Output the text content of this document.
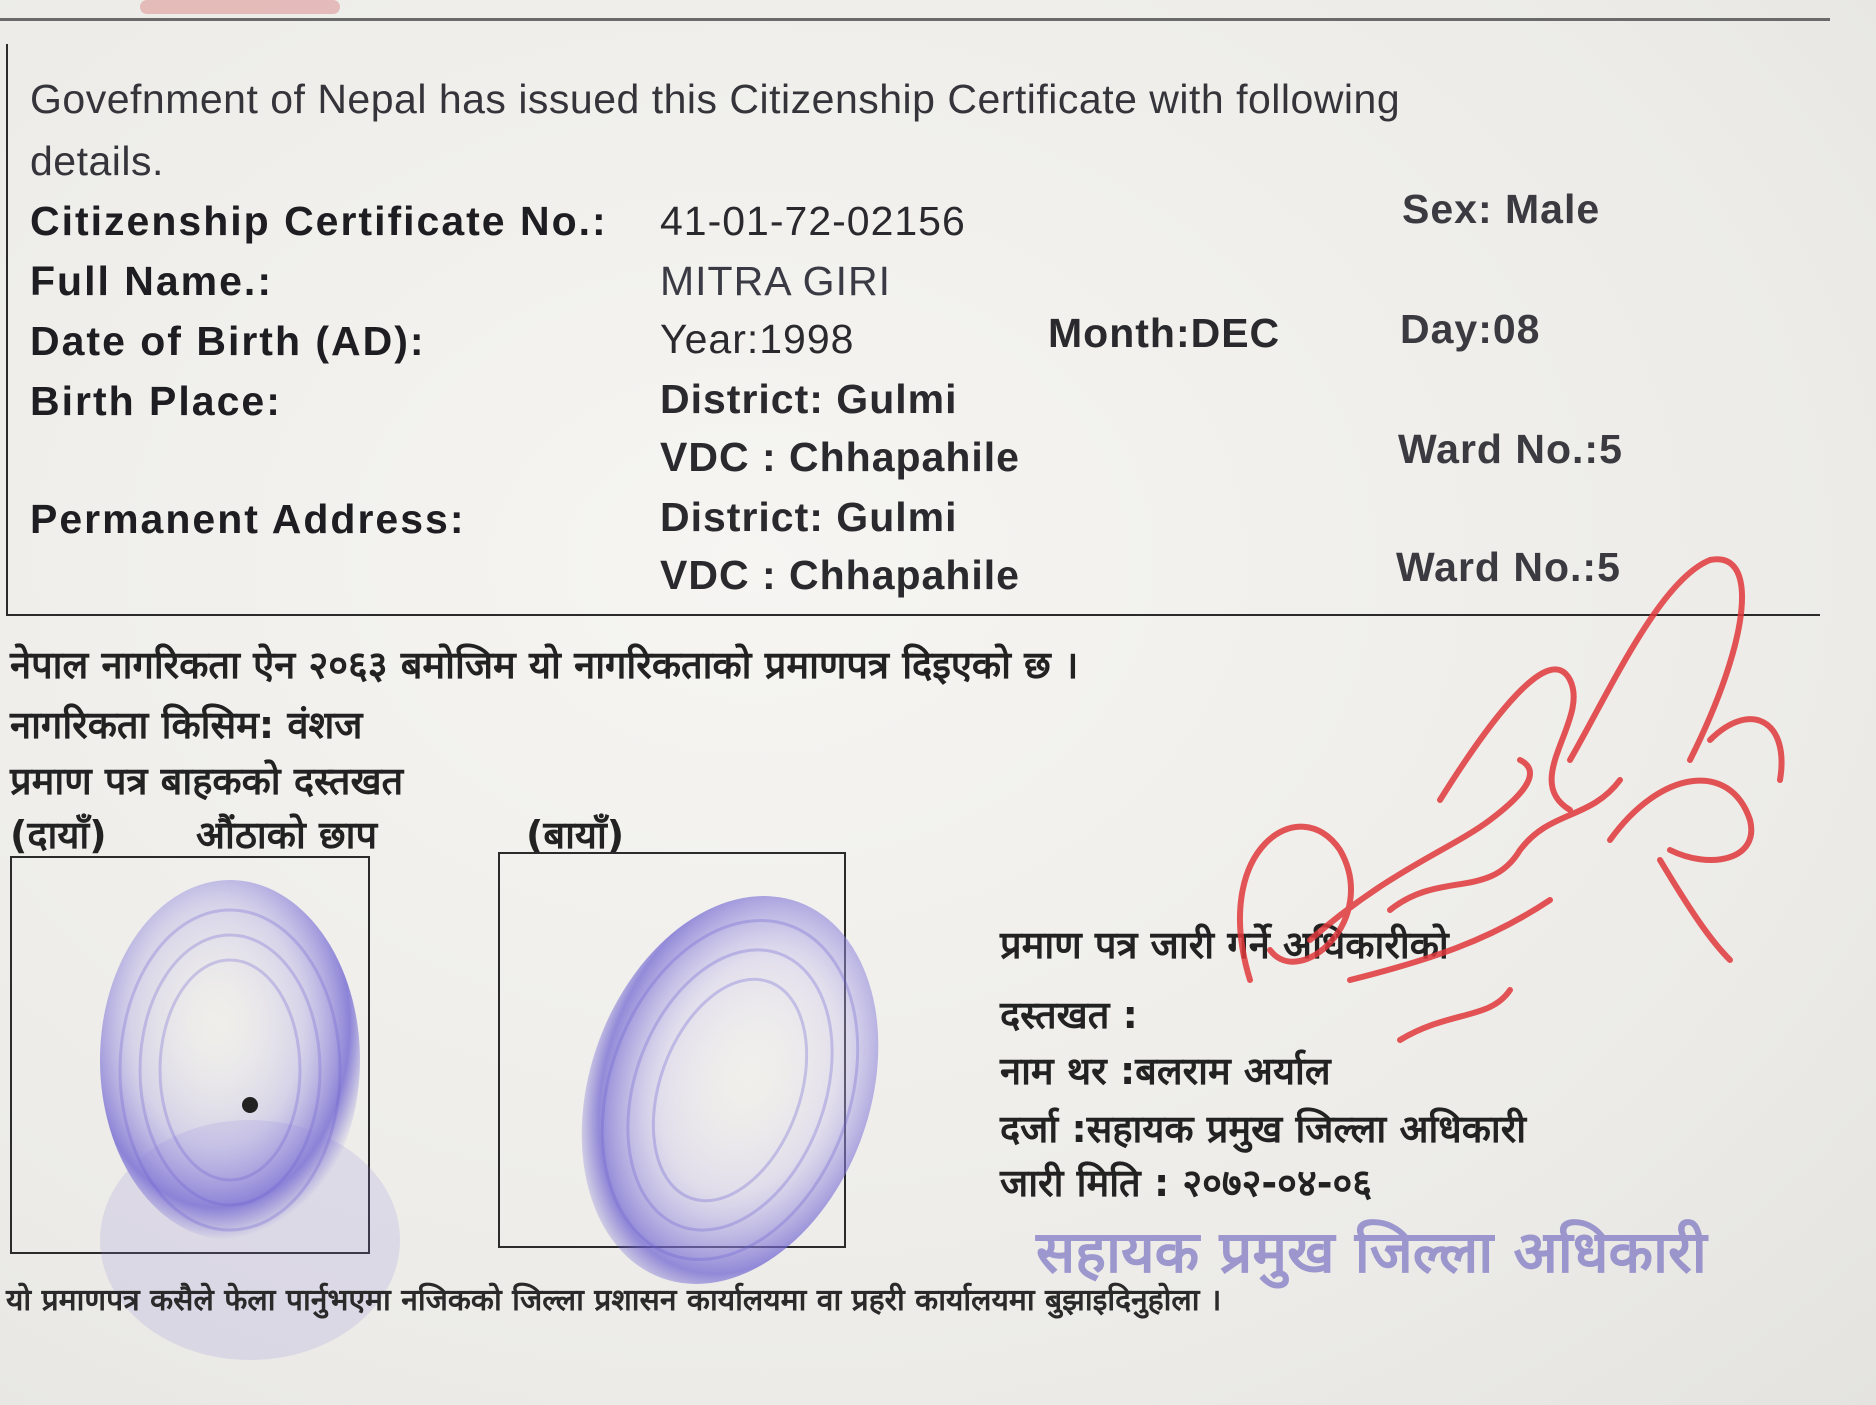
Govefnment of Nepal has issued this Citizenship Certificate with following
details.
Citizenship Certificate No.: 41-01-72-02156	Sex: Male
Full Name.:	MITRA GIRI
Date of Birth (AD):	Year:1998	Month:DEC	Day:08
Birth Place:	District: Gulmi
VDC : Chhapahile	Ward No.:5
Permanent Address:	District: Gulmi
VDC : Chhapahile	Ward No.:5
नेपाल नागरिकता ऐन २०६३ बमोजिम यो नागरिकताको प्रमाणपत्र दिइएको छ ।
नागरिकता किसिम: वंशज
प्रमाण पत्र बाहकको दस्तखत
(दायाँ) औंठाको छाप	(बायाँ)
प्रमाण पत्र जारी गर्ने अधिकारीको
दस्तखत :
नाम थर :बलराम अर्याल
दर्जा :सहायक प्रमुख जिल्ला अधिकारी
जारी मिति : २०७२-०४-०६
सहायक प्रमुख जिल्ला अधिकारी
यो प्रमाणपत्र कसैले फेला पार्नुभएमा नजिकको जिल्ला प्रशासन कार्यालयमा वा प्रहरी कार्यालयमा बुझाइदिनुहोला ।
